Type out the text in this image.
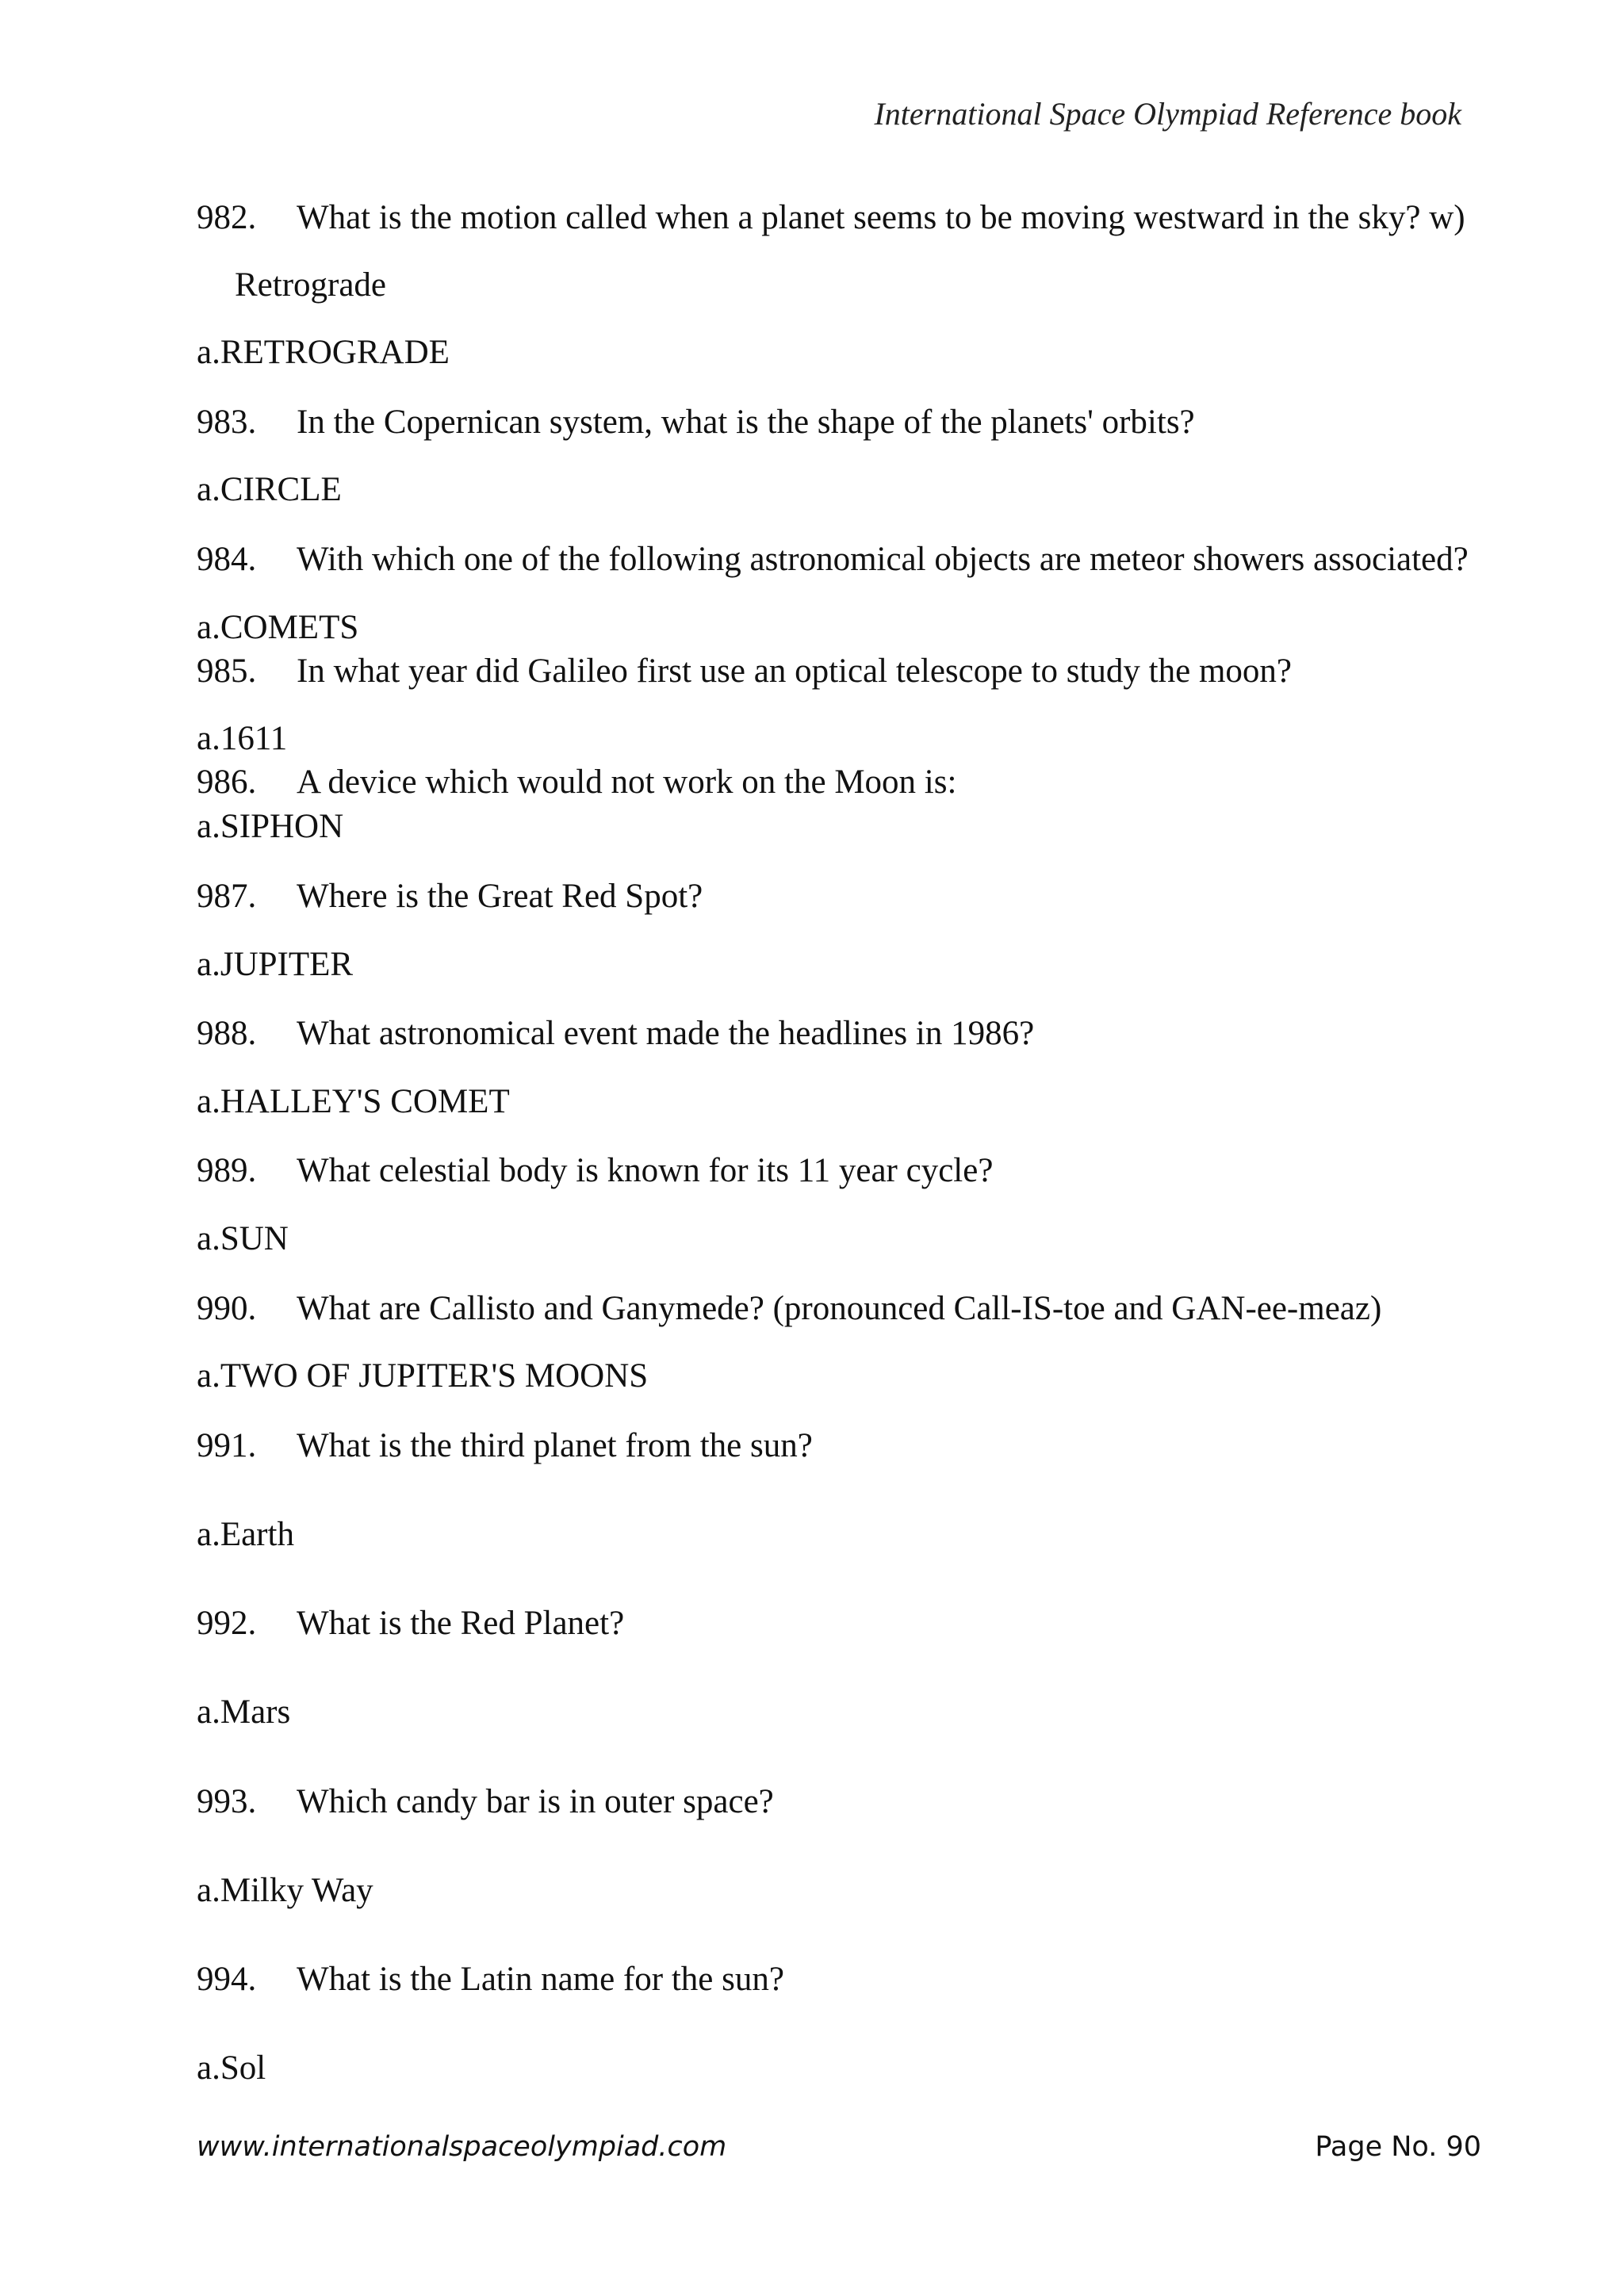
International Space Olympiad Reference book
982. What is the motion called when a planet seems to be moving westward in the sky? w)
Retrograde
a.RETROGRADE
983. In the Copernican system, what is the shape of the planets' orbits?
a.CIRCLE
984. With which one of the following astronomical objects are meteor showers associated?
a.COMETS
985. In what year did Galileo first use an optical telescope to study the moon?
a.1611
986. A device which would not work on the Moon is:
a.SIPHON
987. Where is the Great Red Spot?
a.JUPITER
988. What astronomical event made the headlines in 1986?
a.HALLEY'S COMET
989. What celestial body is known for its 11 year cycle?
a.SUN
990. What are Callisto and Ganymede? (pronounced Call-IS-toe and GAN-ee-meaz)
a.TWO OF JUPITER'S MOONS
991. What is the third planet from the sun?
a.Earth
992. What is the Red Planet?
a.Mars
993. Which candy bar is in outer space?
a.Milky Way
994. What is the Latin name for the sun?
a.Sol
www.internationalspaceolympiad.com	Page No. 90
